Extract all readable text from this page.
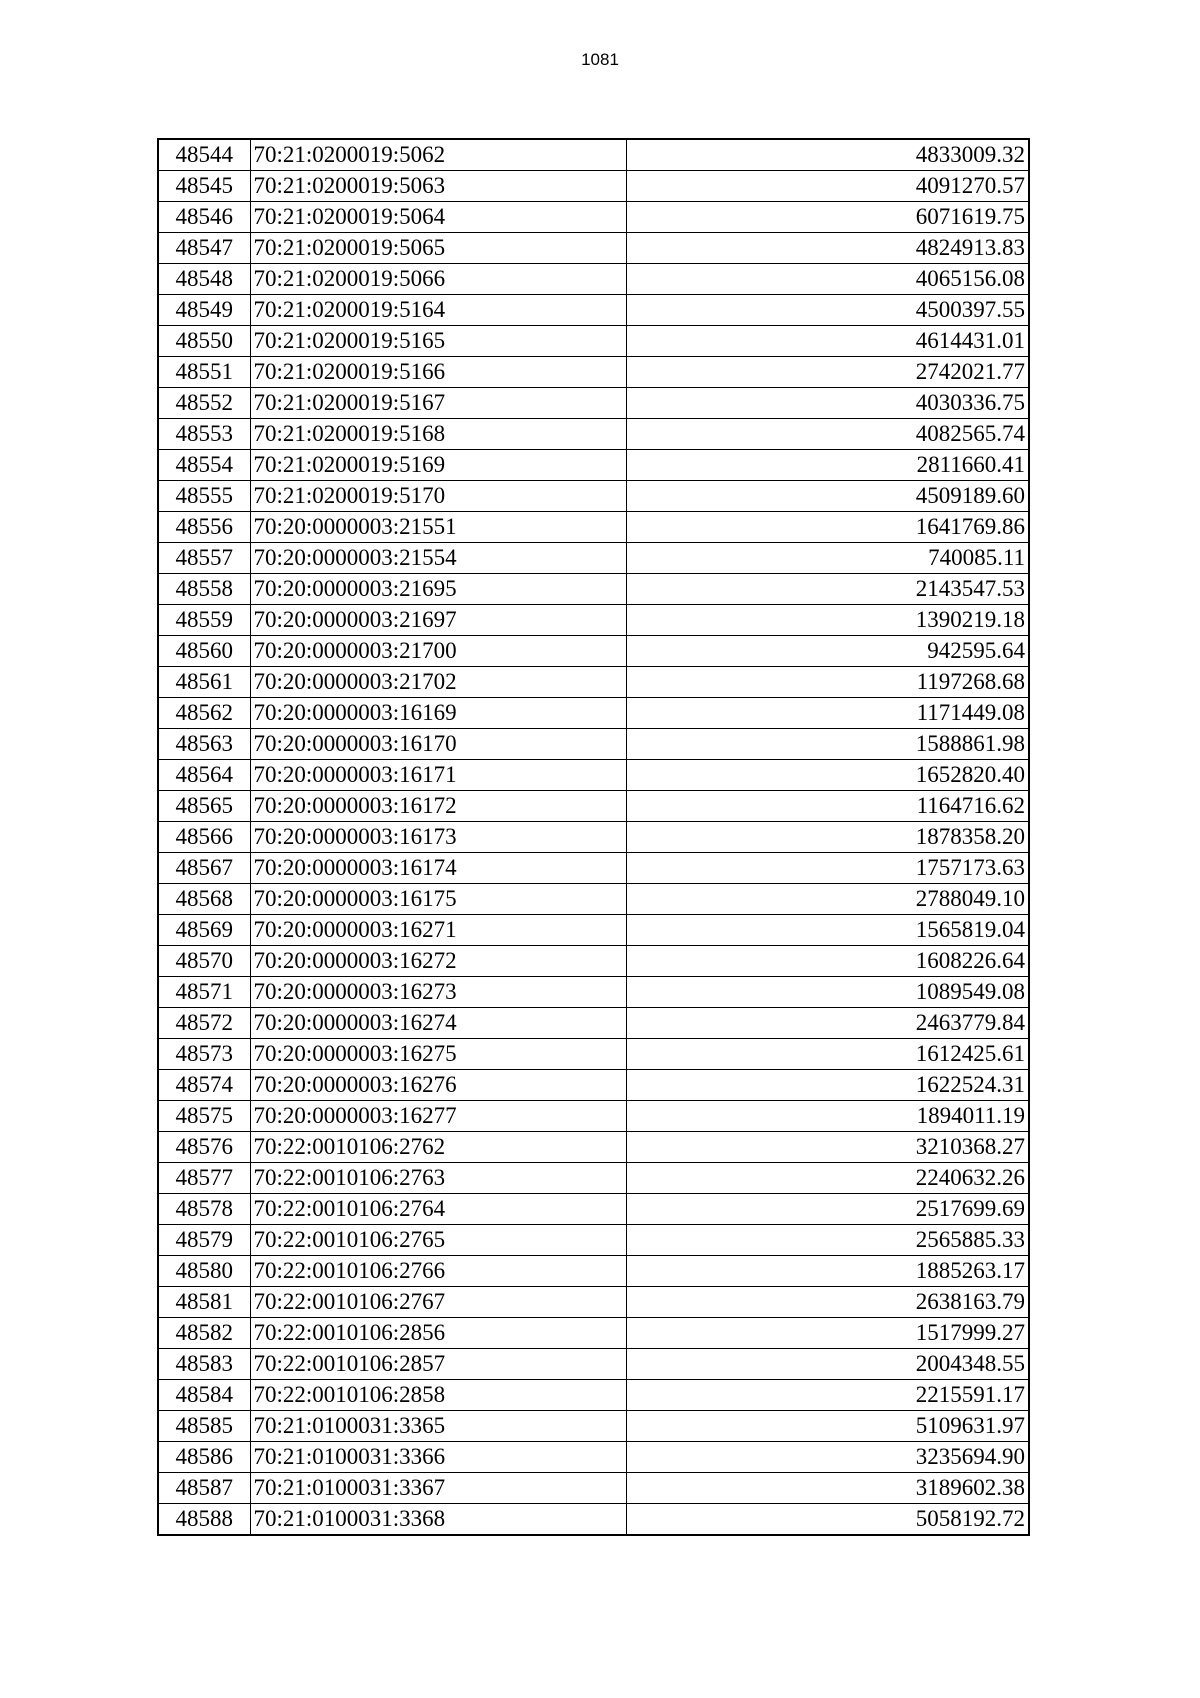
1081
48544	70:21:0200019:5062	4833009.32
48545	70:21:0200019:5063	4091270.57
48546	70:21:0200019:5064	6071619.75
48547	70:21:0200019:5065	4824913.83
48548	70:21:0200019:5066	4065156.08
48549	70:21:0200019:5164	4500397.55
48550	70:21:0200019:5165	4614431.01
48551	70:21:0200019:5166	2742021.77
48552	70:21:0200019:5167	4030336.75
48553	70:21:0200019:5168	4082565.74
48554	70:21:0200019:5169	2811660.41
48555	70:21:0200019:5170	4509189.60
48556	70:20:0000003:21551	1641769.86
48557	70:20:0000003:21554	740085.11
48558	70:20:0000003:21695	2143547.53
48559	70:20:0000003:21697	1390219.18
48560	70:20:0000003:21700	942595.64
48561	70:20:0000003:21702	1197268.68
48562	70:20:0000003:16169	1171449.08
48563	70:20:0000003:16170	1588861.98
48564	70:20:0000003:16171	1652820.40
48565	70:20:0000003:16172	1164716.62
48566	70:20:0000003:16173	1878358.20
48567	70:20:0000003:16174	1757173.63
48568	70:20:0000003:16175	2788049.10
48569	70:20:0000003:16271	1565819.04
48570	70:20:0000003:16272	1608226.64
48571	70:20:0000003:16273	1089549.08
48572	70:20:0000003:16274	2463779.84
48573	70:20:0000003:16275	1612425.61
48574	70:20:0000003:16276	1622524.31
48575	70:20:0000003:16277	1894011.19
48576	70:22:0010106:2762	3210368.27
48577	70:22:0010106:2763	2240632.26
48578	70:22:0010106:2764	2517699.69
48579	70:22:0010106:2765	2565885.33
48580	70:22:0010106:2766	1885263.17
48581	70:22:0010106:2767	2638163.79
48582	70:22:0010106:2856	1517999.27
48583	70:22:0010106:2857	2004348.55
48584	70:22:0010106:2858	2215591.17
48585	70:21:0100031:3365	5109631.97
48586	70:21:0100031:3366	3235694.90
48587	70:21:0100031:3367	3189602.38
48588	70:21:0100031:3368	5058192.72
